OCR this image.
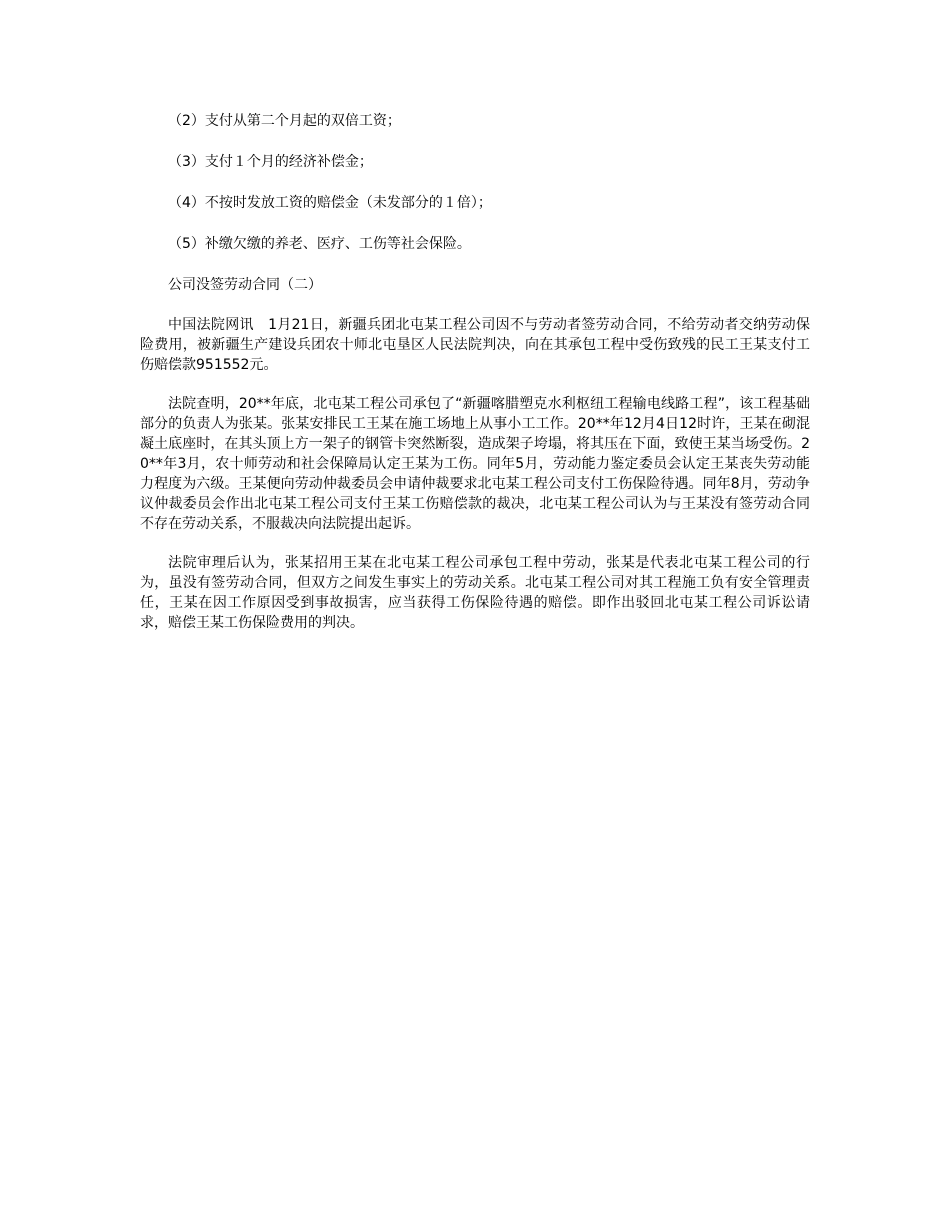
（2）支付从第二个月起的双倍工资；

（3）支付１个月的经济补偿金；

（4）不按时发放工资的赔偿金（未发部分的１倍）；

（5）补缴欠缴的养老、医疗、工伤等社会保险。

公司没签劳动合同（二）

中国法院网讯　1月21日，新疆兵团北屯某工程公司因不与劳动者签劳动合同，不给劳动者交纳劳动保险费用，被新疆生产建设兵团农十师北屯垦区人民法院判决，向在其承包工程中受伤致残的民工王某支付工伤赔偿款951552元。

法院查明，20**年底，北屯某工程公司承包了“新疆喀腊塑克水利枢纽工程输电线路工程”，该工程基础部分的负责人为张某。张某安排民工王某在施工场地上从事小工工作。20**年12月4日12时许，王某在砌混凝土底座时，在其头顶上方一架子的钢管卡突然断裂，造成架子垮塌，将其压在下面，致使王某当场受伤。20**年3月，农十师劳动和社会保障局认定王某为工伤。同年5月，劳动能力鉴定委员会认定王某丧失劳动能力程度为六级。王某便向劳动仲裁委员会申请仲裁要求北屯某工程公司支付工伤保险待遇。同年8月，劳动争议仲裁委员会作出北屯某工程公司支付王某工伤赔偿款的裁决，北屯某工程公司认为与王某没有签劳动合同不存在劳动关系，不服裁决向法院提出起诉。

法院审理后认为，张某招用王某在北屯某工程公司承包工程中劳动，张某是代表北屯某工程公司的行为，虽没有签劳动合同，但双方之间发生事实上的劳动关系。北屯某工程公司对其工程施工负有安全管理责任，王某在因工作原因受到事故损害，应当获得工伤保险待遇的赔偿。即作出驳回北屯某工程公司诉讼请求，赔偿王某工伤保险费用的判决。
